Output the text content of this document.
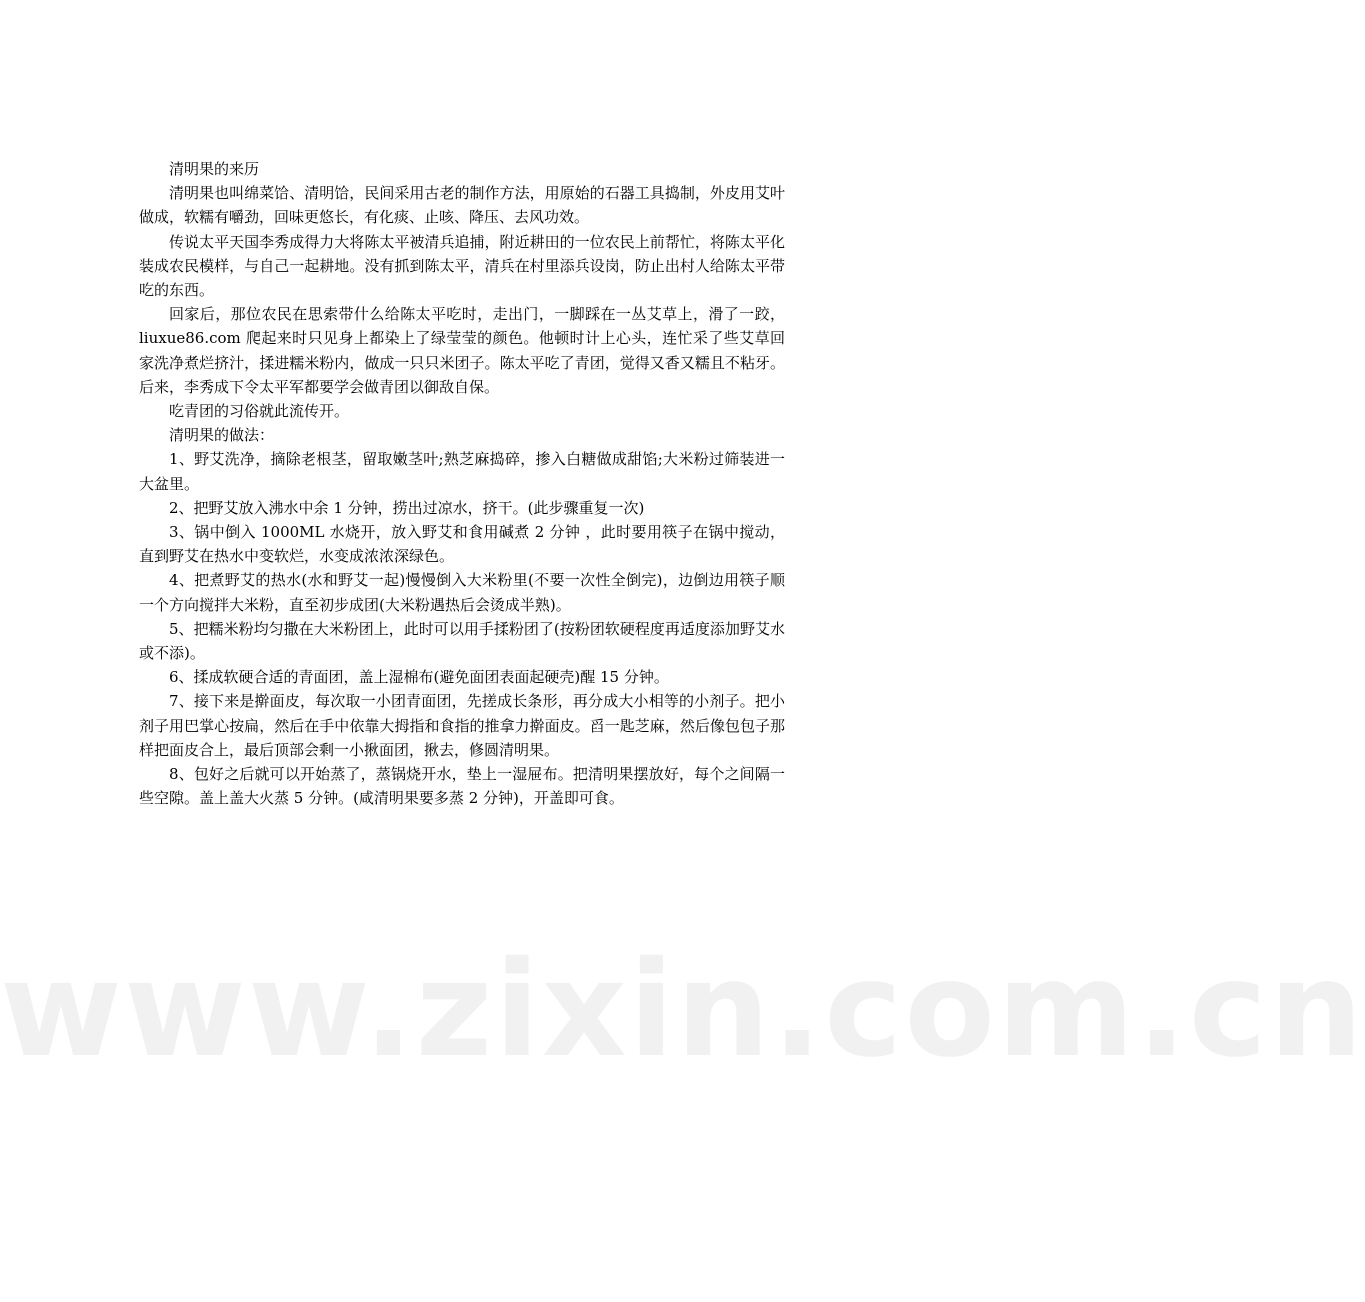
www.zixin.com.cn

清明果的来历

清明果也叫绵菜饸、清明饸，民间采用古老的制作方法，用原始的石器工具捣制，外皮用艾叶做成，软糯有嚼劲，回味更悠长，有化痰、止咳、降压、去风功效。

传说太平天国李秀成得力大将陈太平被清兵追捕，附近耕田的一位农民上前帮忙，将陈太平化装成农民模样，与自己一起耕地。没有抓到陈太平，清兵在村里添兵设岗，防止出村人给陈太平带吃的东西。

回家后，那位农民在思索带什么给陈太平吃时，走出门，一脚踩在一丛艾草上，滑了一跤，liuxue86.com 爬起来时只见身上都染上了绿莹莹的颜色。他顿时计上心头，连忙采了些艾草回家洗净煮烂挤汁，揉进糯米粉内，做成一只只米团子。陈太平吃了青团，觉得又香又糯且不粘牙。后来，李秀成下令太平军都要学会做青团以御敌自保。

吃青团的习俗就此流传开。

清明果的做法：

1、野艾洗净，摘除老根茎，留取嫩茎叶;熟芝麻捣碎，掺入白糖做成甜馅;大米粉过筛装进一大盆里。

2、把野艾放入沸水中余 1 分钟，捞出过凉水，挤干。(此步骤重复一次)

3、锅中倒入 1000ML 水烧开，放入野艾和食用碱煮 2 分钟 ，此时要用筷子在锅中搅动，直到野艾在热水中变软烂，水变成浓浓深绿色。

4、把煮野艾的热水(水和野艾一起)慢慢倒入大米粉里(不要一次性全倒完)，边倒边用筷子顺一个方向搅拌大米粉，直至初步成团(大米粉遇热后会烫成半熟)。

5、把糯米粉均匀撒在大米粉团上，此时可以用手揉粉团了(按粉团软硬程度再适度添加野艾水或不添)。

6、揉成软硬合适的青面团，盖上湿棉布(避免面团表面起硬壳)醒 15 分钟。

7、接下来是擀面皮，每次取一小团青面团，先搓成长条形，再分成大小相等的小剂子。把小剂子用巴掌心按扁，然后在手中依靠大拇指和食指的推拿力擀面皮。舀一匙芝麻，然后像包包子那样把面皮合上，最后顶部会剩一小揪面团，揪去，修圆清明果。

8、包好之后就可以开始蒸了，蒸锅烧开水，垫上一湿屉布。把清明果摆放好，每个之间隔一些空隙。盖上盖大火蒸 5 分钟。(咸清明果要多蒸 2 分钟)，开盖即可食。
